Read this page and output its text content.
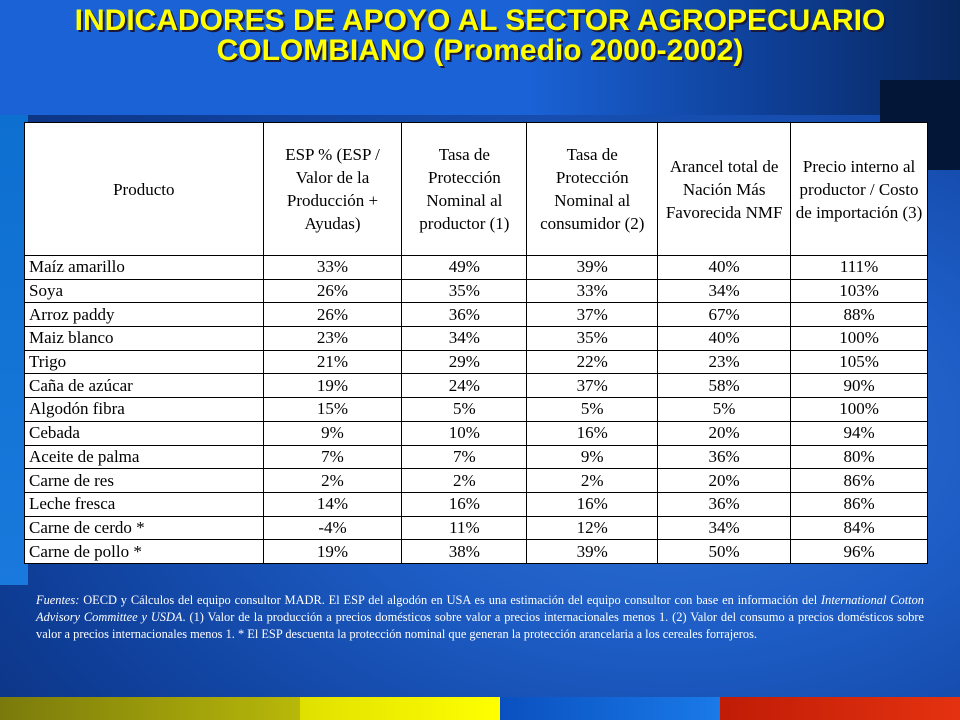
INDICADORES DE APOYO AL SECTOR AGROPECUARIO COLOMBIANO (Promedio 2000-2002)
Producto	ESP % (ESP / Valor de la Producción + Ayudas)	Tasa de Protección Nominal al productor (1)	Tasa de Protección Nominal al consumidor (2)	Arancel total de Nación Más Favorecida NMF	Precio interno al productor / Costo de importación (3)
Maíz amarillo	33%	49%	39%	40%	111%
Soya	26%	35%	33%	34%	103%
Arroz paddy	26%	36%	37%	67%	88%
Maiz blanco	23%	34%	35%	40%	100%
Trigo	21%	29%	22%	23%	105%
Caña de azúcar	19%	24%	37%	58%	90%
Algodón fibra	15%	5%	5%	5%	100%
Cebada	9%	10%	16%	20%	94%
Aceite de palma	7%	7%	9%	36%	80%
Carne de res	2%	2%	2%	20%	86%
Leche fresca	14%	16%	16%	36%	86%
Carne de cerdo *	-4%	11%	12%	34%	84%
Carne de pollo *	19%	38%	39%	50%	96%
Fuentes: OECD y Cálculos del equipo consultor MADR. El ESP del algodón en USA es una estimación del equipo consultor con base en información del International Cotton Advisory Committee y USDA. (1) Valor de la producción a precios domésticos sobre valor a precios internacionales menos 1. (2) Valor del consumo a precios domésticos sobre valor a precios internacionales menos 1. * El ESP descuenta la protección nominal que generan la protección arancelaria a los cereales forrajeros.
